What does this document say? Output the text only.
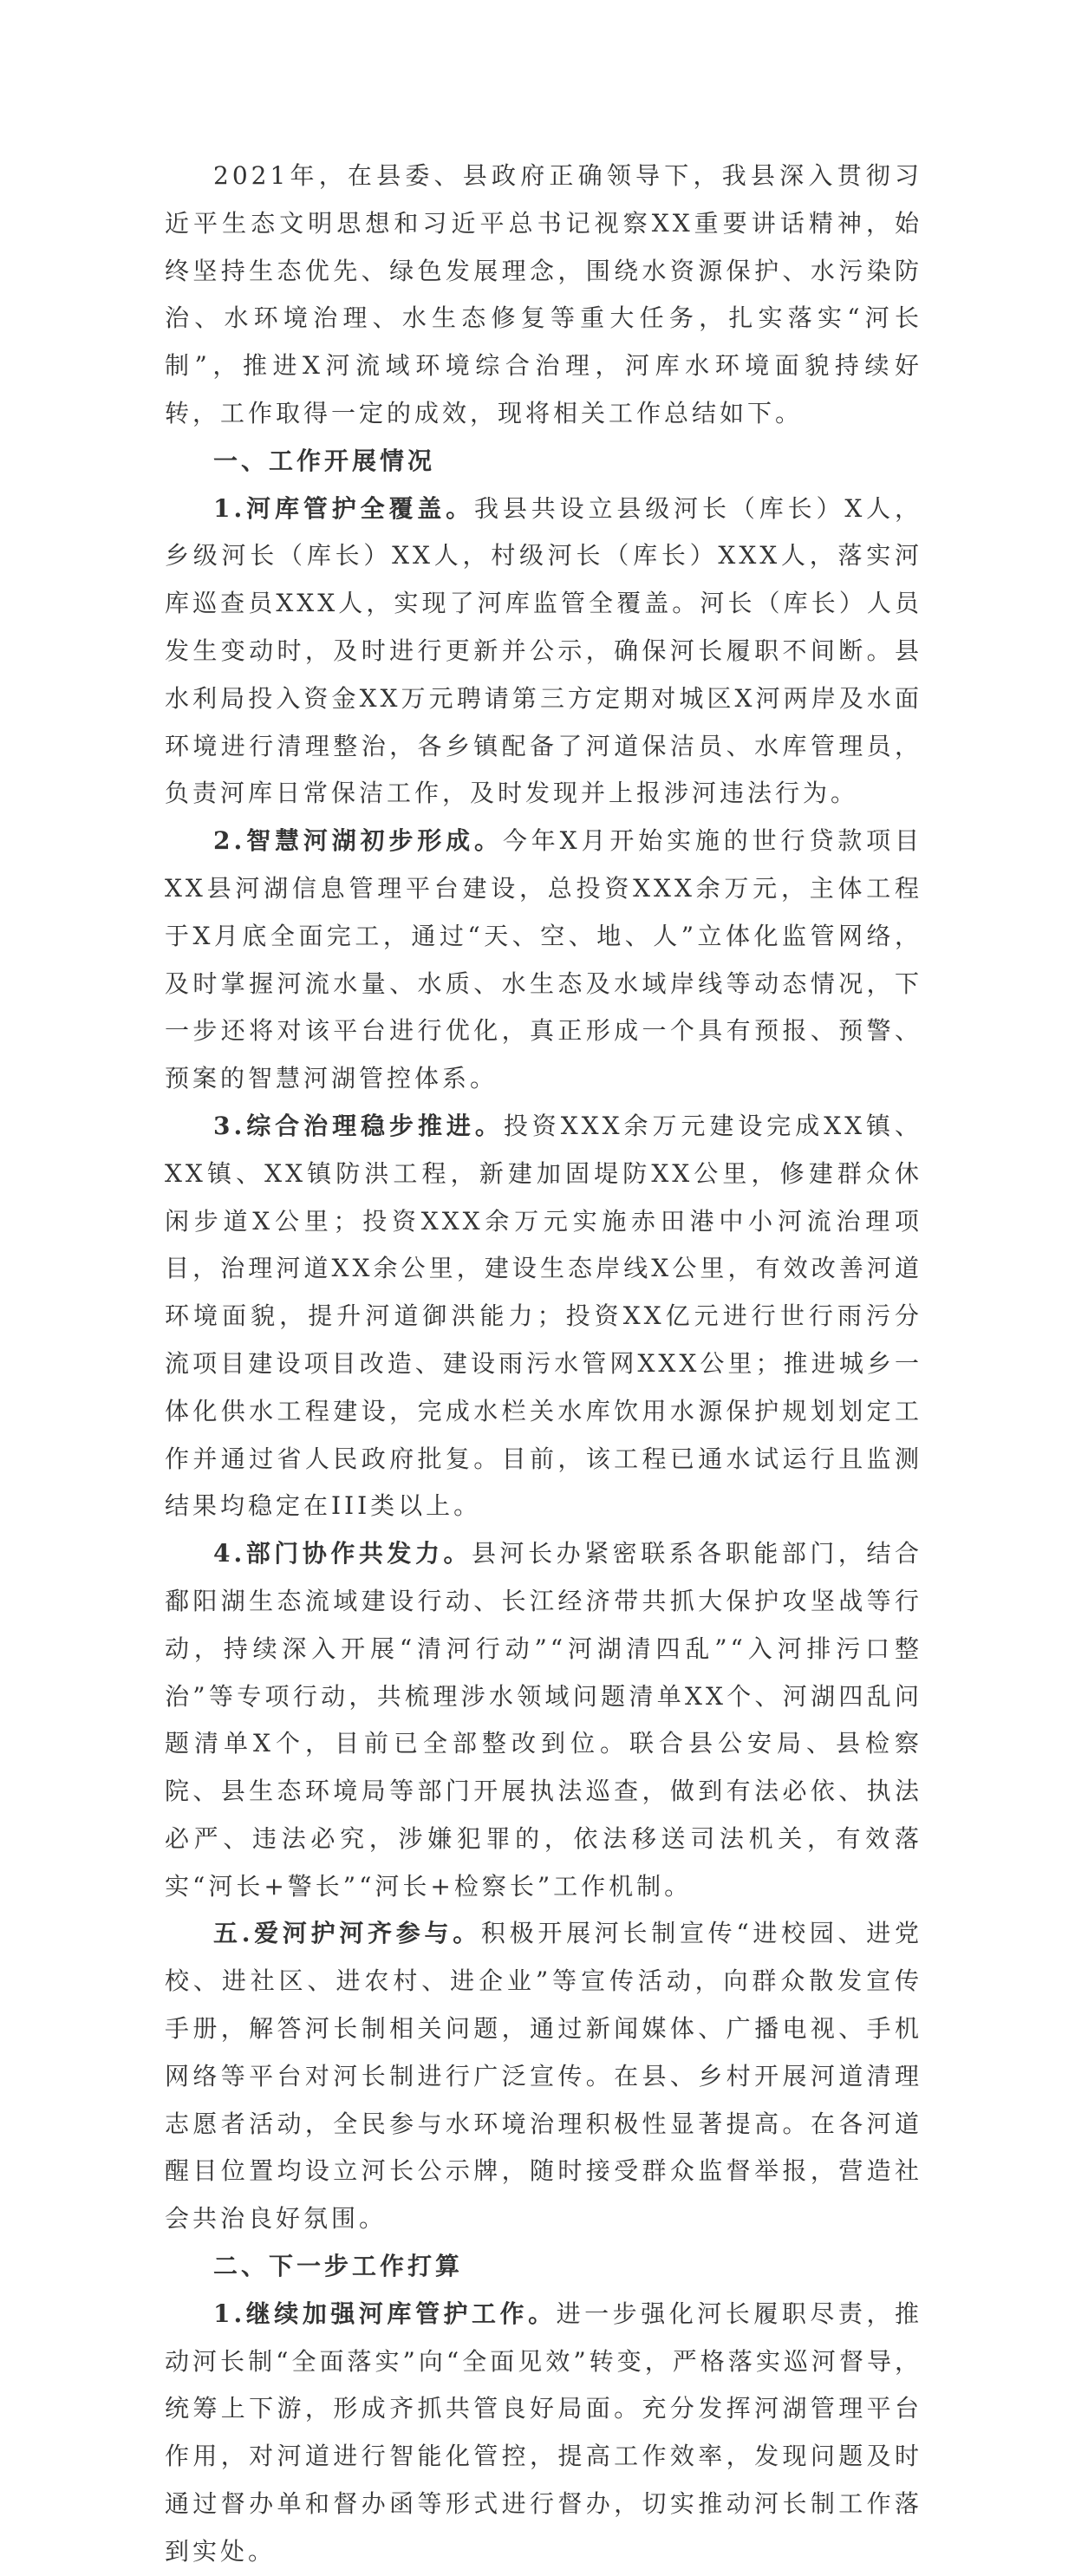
2021年，在县委、县政府正确领导下，我县深入贯彻习近平生态文明思想和习近平总书记视察XX重要讲话精神，始终坚持生态优先、绿色发展理念，围绕水资源保护、水污染防治、水环境治理、水生态修复等重大任务，扎实落实“河长制”，推进X河流域环境综合治理，河库水环境面貌持续好转，工作取得一定的成效，现将相关工作总结如下。

一、工作开展情况

1.河库管护全覆盖。我县共设立县级河长（库长）X人，乡级河长（库长）XX人，村级河长（库长）XXX人，落实河库巡查员XXX人，实现了河库监管全覆盖。河长（库长）人员发生变动时，及时进行更新并公示，确保河长履职不间断。县水利局投入资金XX万元聘请第三方定期对城区X河两岸及水面环境进行清理整治，各乡镇配备了河道保洁员、水库管理员，负责河库日常保洁工作，及时发现并上报涉河违法行为。

2.智慧河湖初步形成。今年X月开始实施的世行贷款项目XX县河湖信息管理平台建设，总投资XXX余万元，主体工程于X月底全面完工，通过“天、空、地、人”立体化监管网络，及时掌握河流水量、水质、水生态及水域岸线等动态情况，下一步还将对该平台进行优化，真正形成一个具有预报、预警、预案的智慧河湖管控体系。

3.综合治理稳步推进。投资XXX余万元建设完成XX镇、XX镇、XX镇防洪工程，新建加固堤防XX公里，修建群众休闲步道X公里；投资XXX余万元实施赤田港中小河流治理项目，治理河道XX余公里，建设生态岸线X公里，有效改善河道环境面貌，提升河道御洪能力；投资XX亿元进行世行雨污分流项目建设项目改造、建设雨污水管网XXX公里；推进城乡一体化供水工程建设，完成水栏关水库饮用水源保护规划划定工作并通过省人民政府批复。目前，该工程已通水试运行且监测结果均稳定在III类以上。

4.部门协作共发力。县河长办紧密联系各职能部门，结合鄱阳湖生态流域建设行动、长江经济带共抓大保护攻坚战等行动，持续深入开展“清河行动”“河湖清四乱”“入河排污口整治”等专项行动，共梳理涉水领域问题清单XX个、河湖四乱问题清单X个，目前已全部整改到位。联合县公安局、县检察院、县生态环境局等部门开展执法巡查，做到有法必依、执法必严、违法必究，涉嫌犯罪的，依法移送司法机关，有效落实“河长+警长”“河长+检察长”工作机制。

五.爱河护河齐参与。积极开展河长制宣传“进校园、进党校、进社区、进农村、进企业”等宣传活动，向群众散发宣传手册，解答河长制相关问题，通过新闻媒体、广播电视、手机网络等平台对河长制进行广泛宣传。在县、乡村开展河道清理志愿者活动，全民参与水环境治理积极性显著提高。在各河道醒目位置均设立河长公示牌，随时接受群众监督举报，营造社会共治良好氛围。

二、下一步工作打算

1.继续加强河库管护工作。进一步强化河长履职尽责，推动河长制“全面落实”向“全面见效”转变，严格落实巡河督导，统筹上下游，形成齐抓共管良好局面。充分发挥河湖管理平台作用，对河道进行智能化管控，提高工作效率，发现问题及时通过督办单和督办函等形式进行督办，切实推动河长制工作落到实处。
